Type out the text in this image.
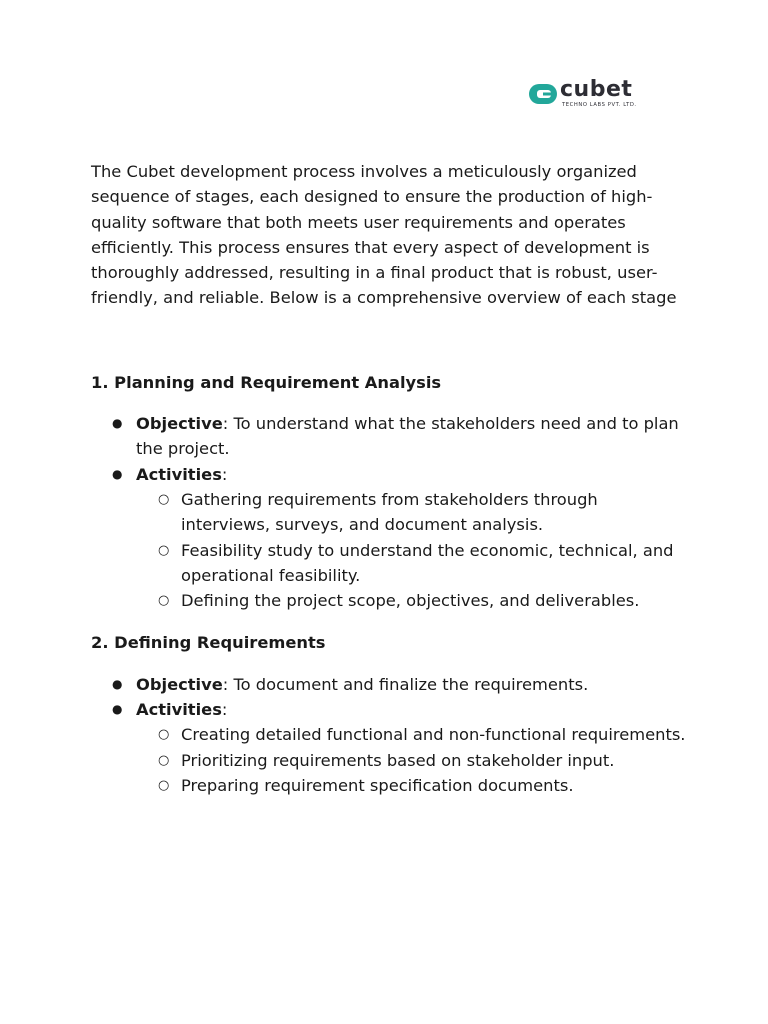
cubet
TECHNO LABS PVT. LTD.

The Cubet development process involves a meticulously organized sequence of stages, each designed to ensure the production of high-quality software that both meets user requirements and operates efficiently. This process ensures that every aspect of development is thoroughly addressed, resulting in a final product that is robust, user-friendly, and reliable. Below is a comprehensive overview of each stage

1. Planning and Requirement Analysis

● Objective: To understand what the stakeholders need and to plan the project.
● Activities:
○ Gathering requirements from stakeholders through interviews, surveys, and document analysis.
○ Feasibility study to understand the economic, technical, and operational feasibility.
○ Defining the project scope, objectives, and deliverables.

2. Defining Requirements

● Objective: To document and finalize the requirements.
● Activities:
○ Creating detailed functional and non-functional requirements.
○ Prioritizing requirements based on stakeholder input.
○ Preparing requirement specification documents.
